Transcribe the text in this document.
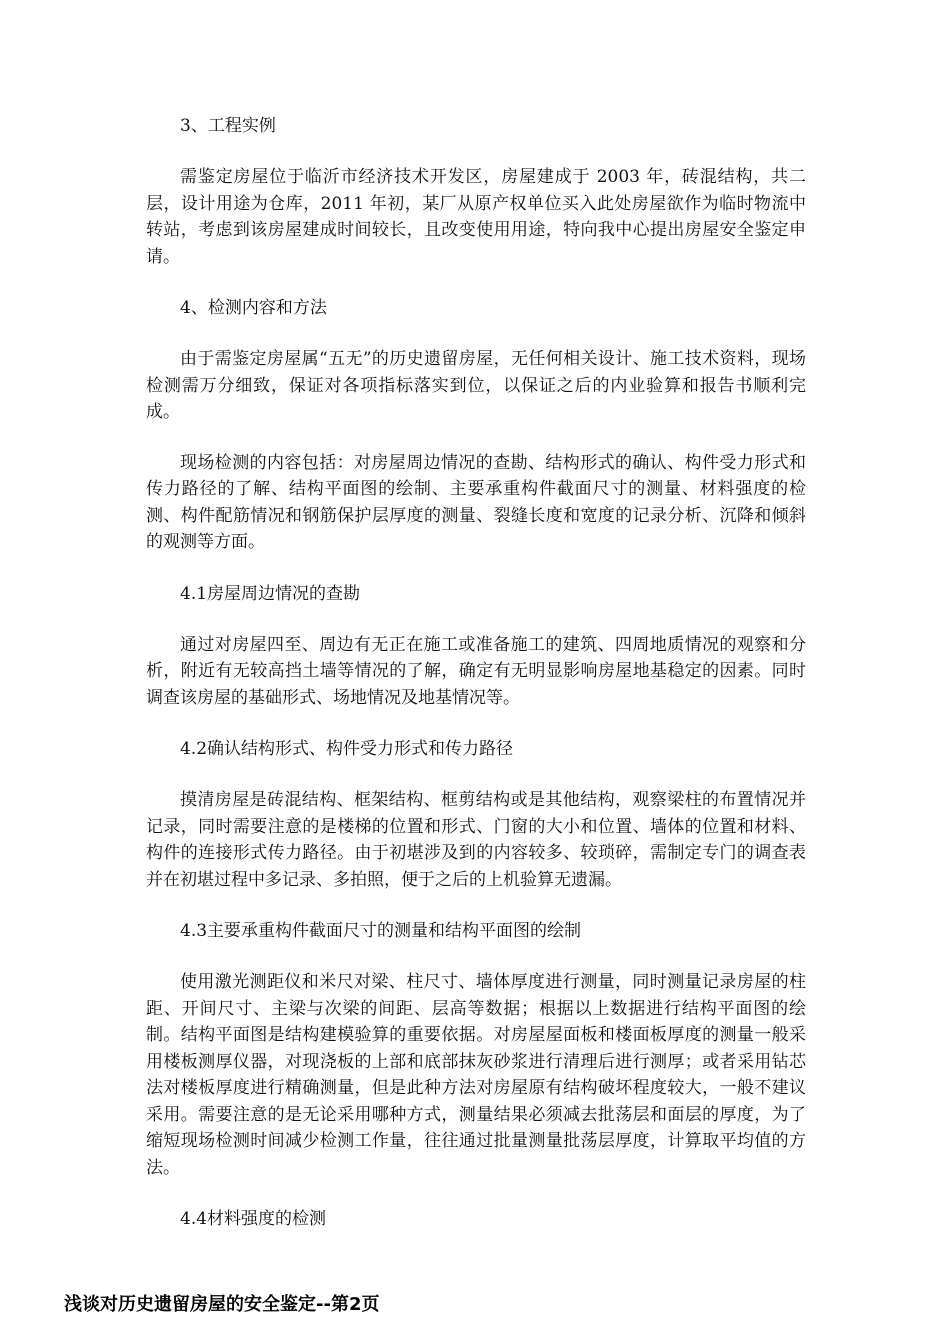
3、工程实例

需鉴定房屋位于临沂市经济技术开发区，房屋建成于 2003 年，砖混结构，共二层，设计用途为仓库，2011 年初，某厂从原产权单位买入此处房屋欲作为临时物流中转站，考虑到该房屋建成时间较长，且改变使用用途，特向我中心提出房屋安全鉴定申请。

4、检测内容和方法

由于需鉴定房屋属“五无”的历史遗留房屋，无任何相关设计、施工技术资料，现场检测需万分细致，保证对各项指标落实到位，以保证之后的内业验算和报告书顺利完成。

现场检测的内容包括：对房屋周边情况的查勘、结构形式的确认、构件受力形式和传力路径的了解、结构平面图的绘制、主要承重构件截面尺寸的测量、材料强度的检测、构件配筋情况和钢筋保护层厚度的测量、裂缝长度和宽度的记录分析、沉降和倾斜的观测等方面。

4.1房屋周边情况的查勘

通过对房屋四至、周边有无正在施工或准备施工的建筑、四周地质情况的观察和分析，附近有无较高挡土墙等情况的了解，确定有无明显影响房屋地基稳定的因素。同时调查该房屋的基础形式、场地情况及地基情况等。

4.2确认结构形式、构件受力形式和传力路径

摸清房屋是砖混结构、框架结构、框剪结构或是其他结构，观察梁柱的布置情况并记录，同时需要注意的是楼梯的位置和形式、门窗的大小和位置、墙体的位置和材料、构件的连接形式传力路径。由于初堪涉及到的内容较多、较琐碎，需制定专门的调查表并在初堪过程中多记录、多拍照，便于之后的上机验算无遗漏。

4.3主要承重构件截面尺寸的测量和结构平面图的绘制

使用激光测距仪和米尺对梁、柱尺寸、墙体厚度进行测量，同时测量记录房屋的柱距、开间尺寸、主梁与次梁的间距、层高等数据；根据以上数据进行结构平面图的绘制。结构平面图是结构建模验算的重要依据。对房屋屋面板和楼面板厚度的测量一般采用楼板测厚仪器，对现浇板的上部和底部抹灰砂浆进行清理后进行测厚；或者采用钻芯法对楼板厚度进行精确测量，但是此种方法对房屋原有结构破坏程度较大，一般不建议采用。需要注意的是无论采用哪种方式，测量结果必须减去批荡层和面层的厚度，为了缩短现场检测时间减少检测工作量，往往通过批量测量批荡层厚度，计算取平均值的方法。

4.4材料强度的检测
浅谈对历史遗留房屋的安全鉴定--第2页
